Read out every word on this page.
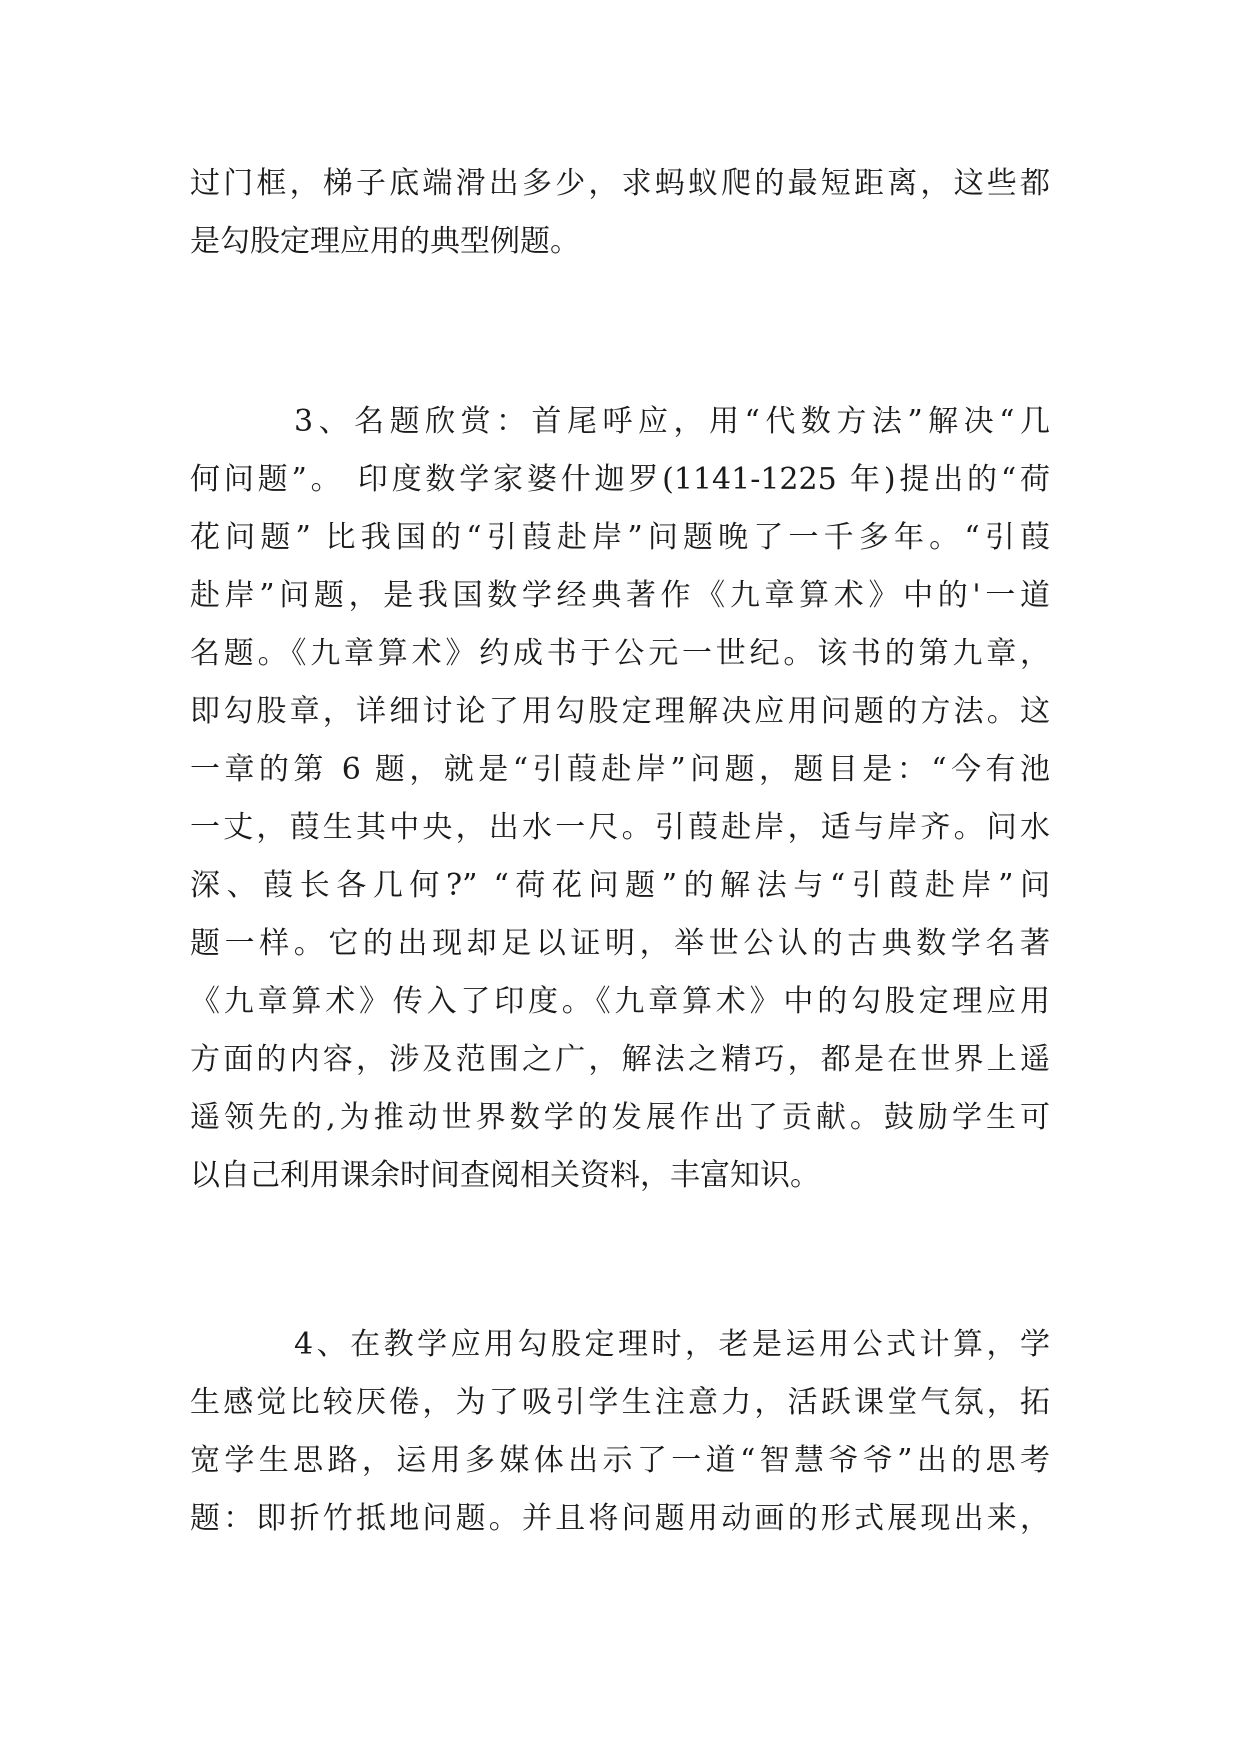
过门框，梯子底端滑出多少，求蚂蚁爬的最短距离，这些都
是勾股定理应用的典型例题。
3、名题欣赏：首尾呼应，用“代数方法”解决“几
何问题”。 印度数学家婆什迦罗(1141-1225 年)提出的“荷
花问题” 比我国的“引葭赴岸”问题晚了一千多年。“引葭
赴岸”问题，是我国数学经典著作《九章算术》中的'一道
名题。《九章算术》约成书于公元一世纪。该书的第九章，
即勾股章，详细讨论了用勾股定理解决应用问题的方法。这
一章的第 6 题，就是“引葭赴岸”问题，题目是：“今有池
一丈，葭生其中央，出水一尺。引葭赴岸，适与岸齐。问水
深、葭长各几何?” “荷花问题”的解法与“引葭赴岸”问
题一样。它的出现却足以证明，举世公认的古典数学名著
《九章算术》传入了印度。《九章算术》中的勾股定理应用
方面的内容，涉及范围之广，解法之精巧，都是在世界上遥
遥领先的,为推动世界数学的发展作出了贡献。鼓励学生可
以自己利用课余时间查阅相关资料，丰富知识。
4、在教学应用勾股定理时，老是运用公式计算，学
生感觉比较厌倦，为了吸引学生注意力，活跃课堂气氛，拓
宽学生思路，运用多媒体出示了一道“智慧爷爷”出的思考
题：即折竹抵地问题。并且将问题用动画的形式展现出来，
